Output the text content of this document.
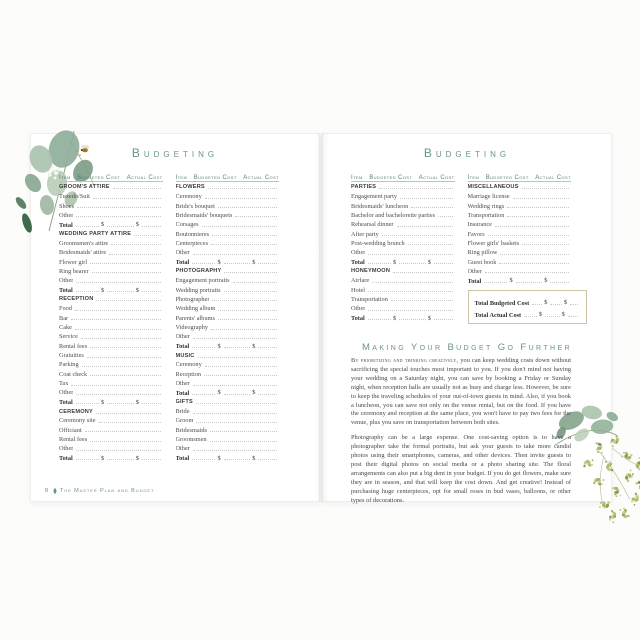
Budgeting
Item Budgeted Cost Actual Cost
GROOM'S ATTIRE
Tuxedo/Suit
Shoes
Other
Total	$	$
WEDDING PARTY ATTIRE
Groomsmen's attire
Bridesmaids' attire
Flower girl
Ring bearer
Other
Total	$	$
RECEPTION
Food
Bar
Cake
Service
Rental fees
Gratuities
Parking
Coat check
Tax
Other
Total	$	$
CEREMONY
Ceremony site
Officiant
Rental fees
Other
Total	$	$
Item Budgeted Cost Actual Cost
FLOWERS
Ceremony
Bride's bouquet
Bridesmaids' bouquets
Corsages
Boutonnieres
Centerpieces
Other
Total	$	$
PHOTOGRAPHY
Engagement portraits
Wedding portraits
Photographer
Wedding album
Parents' albums
Videography
Other
Total	$	$
MUSIC
Ceremony
Reception
Other
Total	$	$
GIFTS
Bride
Groom
Bridesmaids
Groomsmen
Other
Total	$	$
8 The Master Plan and Budget
Budgeting
Item Budgeted Cost Actual Cost
PARTIES
Engagement party
Bridesmaids' luncheon
Bachelor and bachelorette parties
Rehearsal dinner
After party
Post-wedding brunch
Other
Total	$	$
HONEYMOON
Airfare
Hotel
Transportation
Other
Total	$	$
Item Budgeted Cost Actual Cost
MISCELLANEOUS
Marriage license
Wedding rings
Transportation
Insurance
Favors
Flower girls' baskets
Ring pillow
Guest book
Other
Total	$	$
Total Budgeted Cost $	$
Total Actual Cost	$	$
Making Your Budget Go Further

By prioritizing and thinking creatively, you can keep wedding costs down without sacrificing the special touches most important to you. If you don't mind not having your wedding on a Saturday night, you can save by booking a Friday or Sunday night, when reception halls are usually not as busy and charge less. However, be sure to keep the traveling schedules of your out-of-town guests in mind. Also, if you book a luncheon, you can save not only on the venue rental, but on the food. If you have the ceremony and reception at the same place, you won't have to pay two fees for the venue, plus you save on transportation between both sites.

Photography can be a large expense. One cost-saving option is to have a photographer take the formal portraits, but ask your guests to take more candid photos using their smartphones, cameras, and other devices. Then invite guests to post their digital photos on social media or a photo sharing site. The floral arrangements can also put a big dent in your budget. If you do get flowers, make sure they are in season, and that will keep the cost down. And get creative! Instead of purchasing huge centerpieces, opt for small roses in bud vases, balloons, or other types of decorations.
